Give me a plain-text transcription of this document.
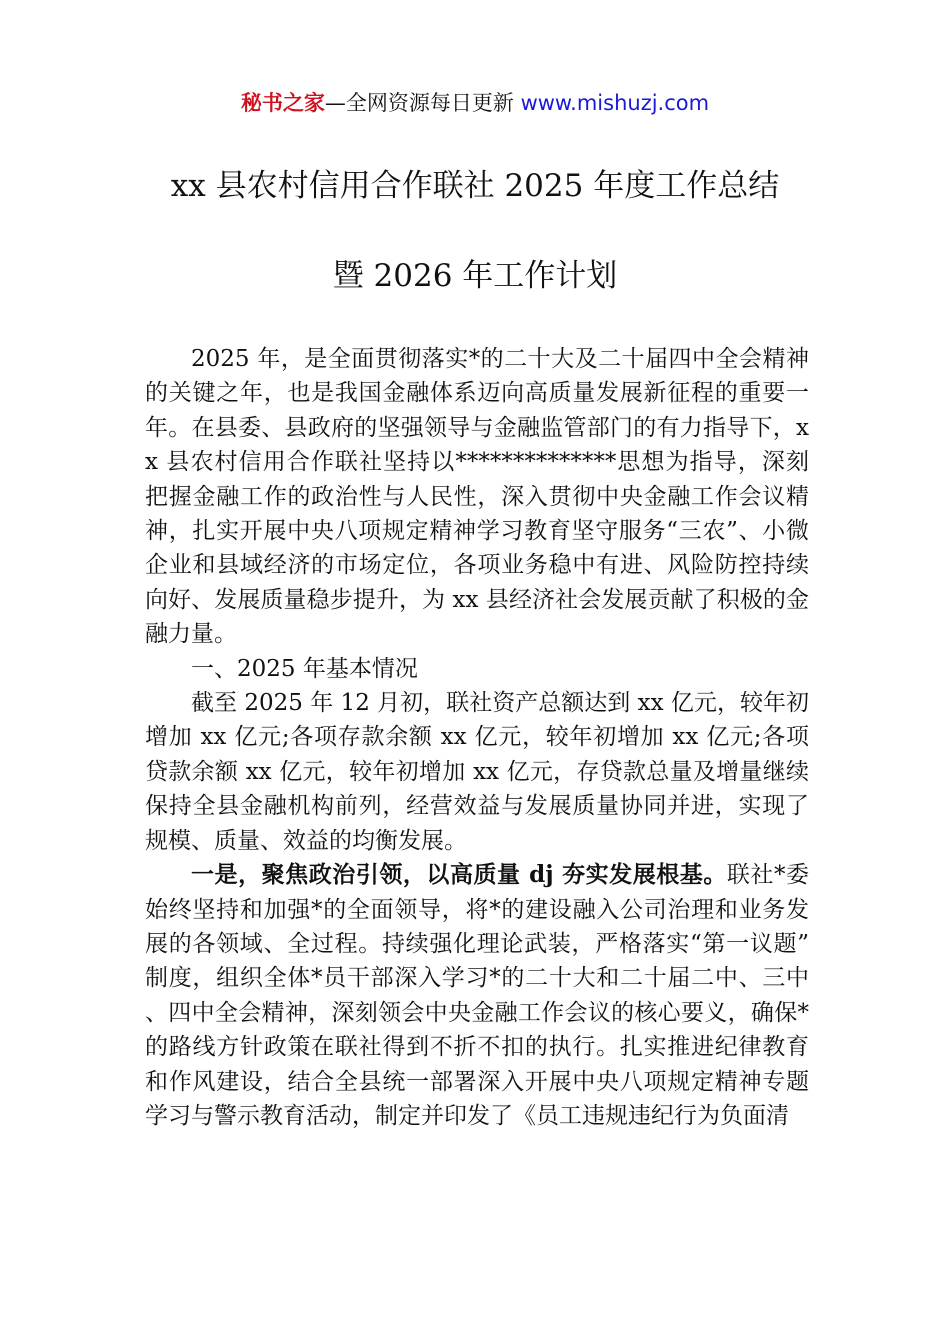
秘书之家—全网资源每日更新 www.mishuzj.com
xx 县农村信用合作联社 2025 年度工作总结
暨 2026 年工作计划

2025 年，是全面贯彻落实*的二十大及二十届四中全会精神的关键之年，也是我国金融体系迈向高质量发展新征程的重要一年。在县委、县政府的坚强领导与金融监管部门的有力指导下，xx 县农村信用合作联社坚持以**************思想为指导，深刻把握金融工作的政治性与人民性，深入贯彻中央金融工作会议精神，扎实开展中央八项规定精神学习教育坚守服务“三农”、小微企业和县域经济的市场定位，各项业务稳中有进、风险防控持续向好、发展质量稳步提升，为 xx 县经济社会发展贡献了积极的金融力量。

一、2025 年基本情况

截至 2025 年 12 月初，联社资产总额达到 xx 亿元，较年初增加 xx 亿元;各项存款余额 xx 亿元，较年初增加 xx 亿元;各项贷款余额 xx 亿元，较年初增加 xx 亿元，存贷款总量及增量继续保持全县金融机构前列，经营效益与发展质量协同并进，实现了规模、质量、效益的均衡发展。

一是，聚焦政治引领，以高质量 dj 夯实发展根基。联社*委始终坚持和加强*的全面领导，将*的建设融入公司治理和业务发展的各领域、全过程。持续强化理论武装，严格落实“第一议题”制度，组织全体*员干部深入学习*的二十大和二十届二中、三中、四中全会精神，深刻领会中央金融工作会议的核心要义，确保*的路线方针政策在联社得到不折不扣的执行。扎实推进纪律教育和作风建设，结合全县统一部署深入开展中央八项规定精神专题学习与警示教育活动，制定并印发了《员工违规违纪行为负面清
